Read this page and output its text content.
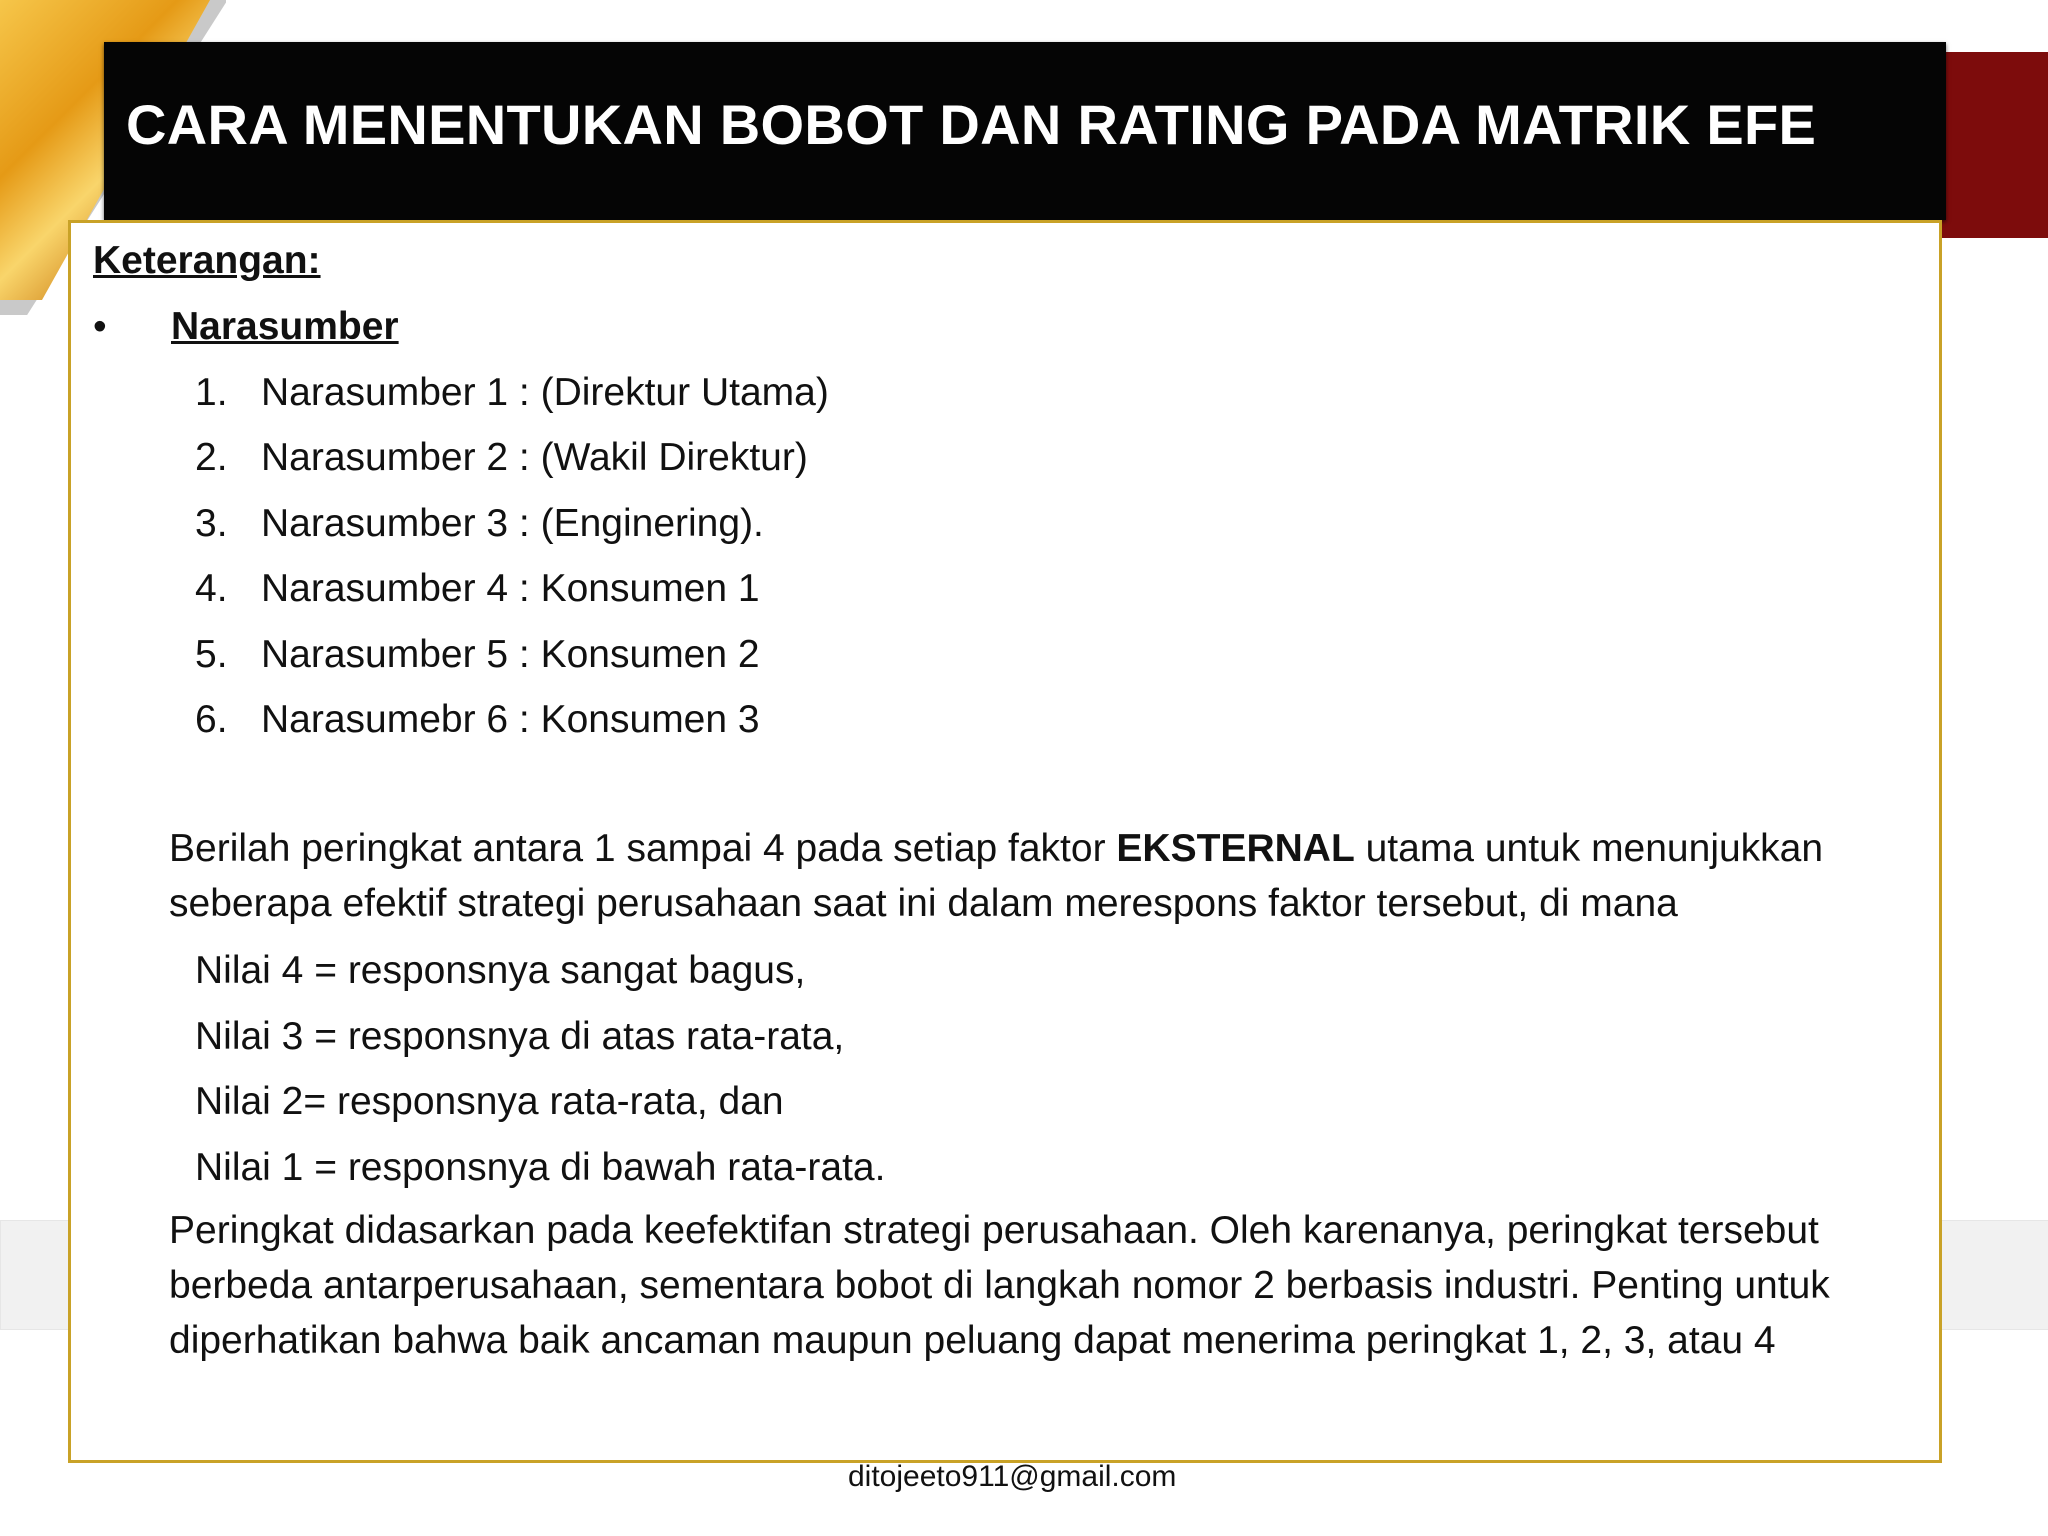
CARA MENENTUKAN BOBOT DAN RATING PADA MATRIK EFE
Keterangan:
• Narasumber
1. Narasumber 1 : (Direktur Utama)
2. Narasumber 2 : (Wakil Direktur)
3. Narasumber 3 : (Enginering).
4. Narasumber 4 : Konsumen 1
5. Narasumber 5 : Konsumen 2
6. Narasumebr 6 : Konsumen 3
Berilah peringkat antara 1 sampai 4 pada setiap faktor EKSTERNAL utama untuk menunjukkan seberapa efektif strategi perusahaan saat ini dalam merespons faktor tersebut, di mana
Nilai 4 = responsnya sangat bagus,
Nilai 3 = responsnya di atas rata-rata,
Nilai 2= responsnya rata-rata, dan
Nilai 1 = responsnya di bawah rata-rata.
Peringkat didasarkan pada keefektifan strategi perusahaan. Oleh karenanya, peringkat tersebut berbeda antarperusahaan, sementara bobot di langkah nomor 2 berbasis industri. Penting untuk diperhatikan bahwa baik ancaman maupun peluang dapat menerima peringkat 1, 2, 3, atau 4
ditojeeto911@gmail.com
